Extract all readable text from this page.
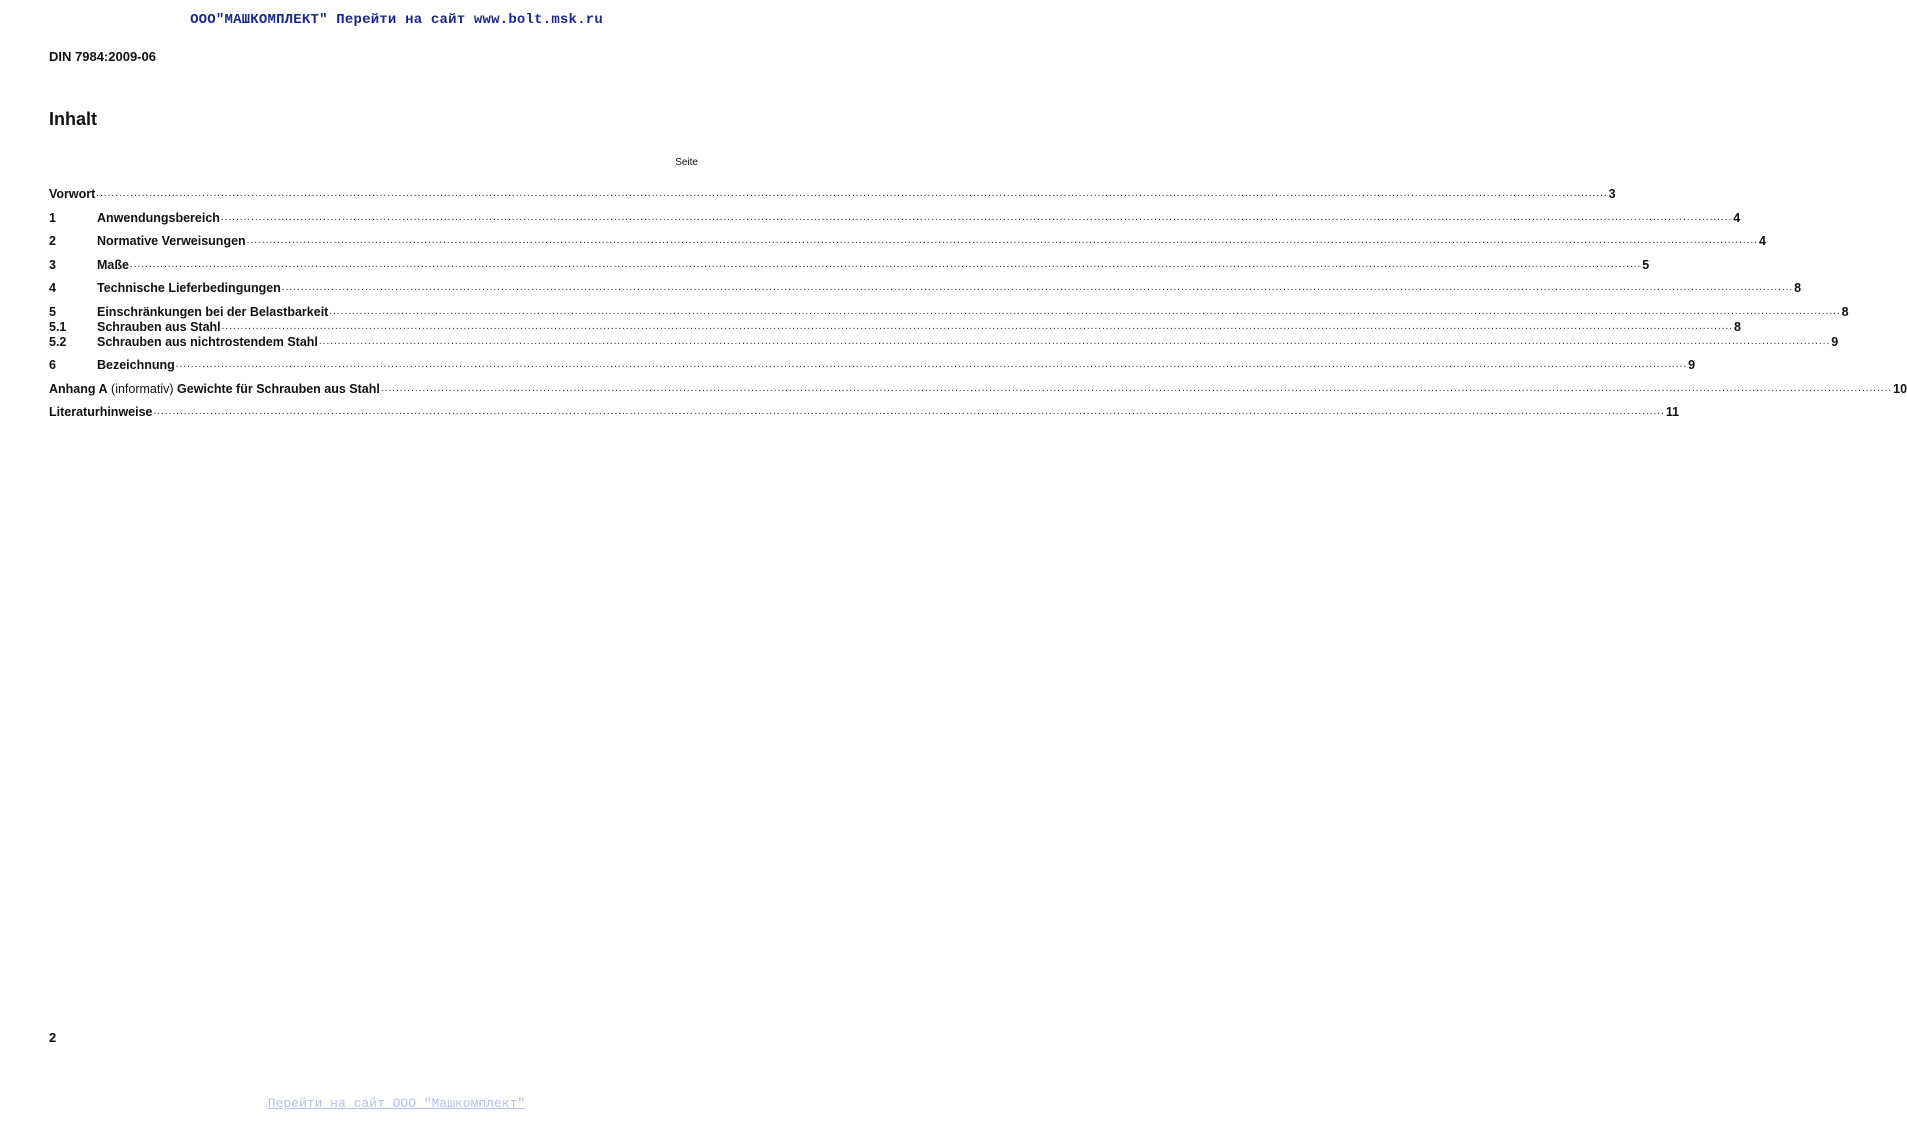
ООО"МАШКОМПЛЕКТ" Перейти на сайт www.bolt.msk.ru
DIN 7984:2009-06
Inhalt
Seite
Vorwort ................................................................................................................................................................................................................................................................................................................................................................................................................ 3
1	Anwendungsbereich ................................................................................................................................................................................................................................................................................................................................................................................................................ 4
2	Normative Verweisungen ................................................................................................................................................................................................................................................................................................................................................................................................................ 4
3	Maße ................................................................................................................................................................................................................................................................................................................................................................................................................ 5
4	Technische Lieferbedingungen ................................................................................................................................................................................................................................................................................................................................................................................................................ 8
5	Einschränkungen bei der Belastbarkeit ................................................................................................................................................................................................................................................................................................................................................................................................................ 8
5.1	Schrauben aus Stahl ................................................................................................................................................................................................................................................................................................................................................................................................................ 8
5.2	Schrauben aus nichtrostendem Stahl ................................................................................................................................................................................................................................................................................................................................................................................................................ 9
6	Bezeichnung ................................................................................................................................................................................................................................................................................................................................................................................................................ 9
Anhang A (informativ) Gewichte für Schrauben aus Stahl ................................................................................................................................................................................................................................................................................................................................................................................................................ 10
Literaturhinweise ................................................................................................................................................................................................................................................................................................................................................................................................................ 11
2
Перейти на сайт ООО "Машкомплект"
